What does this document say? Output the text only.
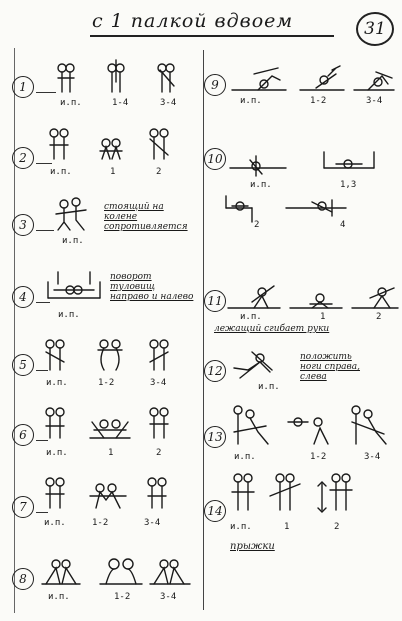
с 1 палкой вдвоем	31
1
и.п.	1-4	3-4
2
и.п.	1	2
3
и.п.
стоящий на
колене
сопротивляется
4
и.п.
поворот
туловищ
направо и налево
5
и.п.	1-2	3-4
6
и.п.	1	2
7
и.п.	1-2	3-4
8
и.п.	1-2	3-4
9
и.п.	1-2	3-4
10
и.п.	1,3
2	4
11
и.п.	1	2
лежащий сгибает руки
12
и.п.
положить
ноги справа,
слева
13
и.п.	1-2	3-4
14
и.п.	1	2
прыжки
